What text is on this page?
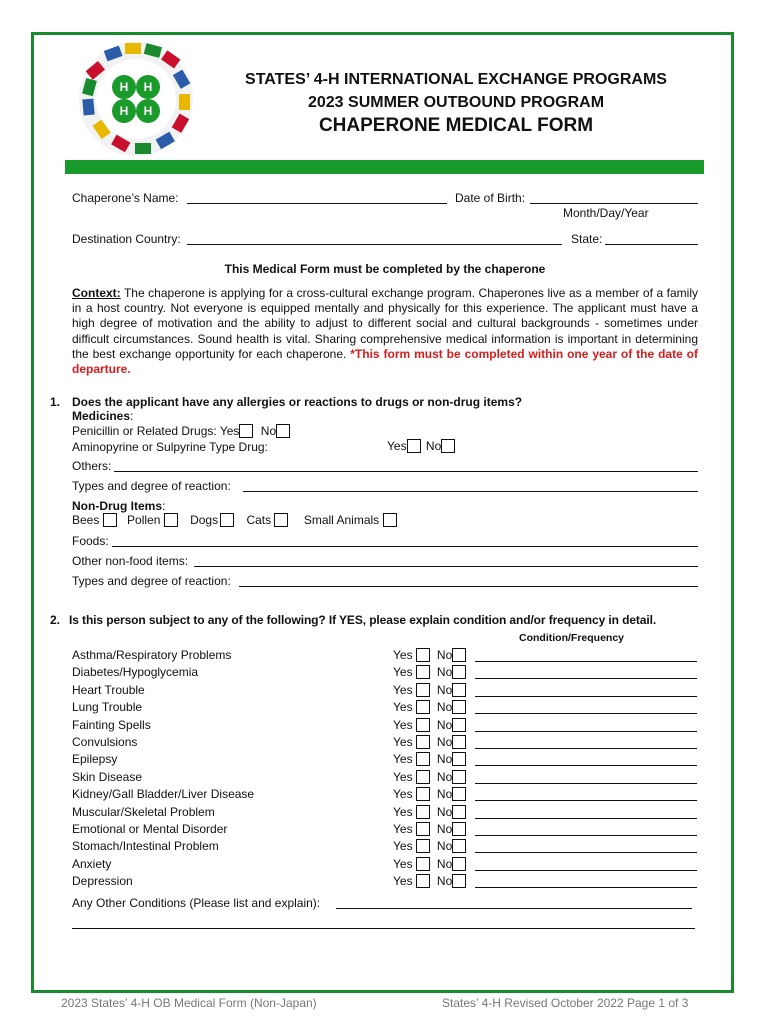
H H
H H
STATES’ 4-H INTERNATIONAL EXCHANGE PROGRAMS
2023 SUMMER OUTBOUND PROGRAM
CHAPERONE MEDICAL FORM
Chaperone’s Name:	Date of Birth:
Month/Day/Year
Destination Country:	State:
This Medical Form must be completed by the chaperone
Context: The chaperone is applying for a cross-cultural exchange program. Chaperones live as a member of a family in a host country. Not everyone is equipped mentally and physically for this experience. The applicant must have a high degree of motivation and the ability to adjust to different social and cultural backgrounds - sometimes under difficult circumstances. Sound health is vital. Sharing comprehensive medical information is important in determining the best exchange opportunity for each chaperone. *This form must be completed within one year of the date of departure.
1. Does the applicant have any allergies or reactions to drugs or non-drug items?
Medicines:
Penicillin or Related Drugs: Yes No
Aminopyrine or Sulpyrine Type Drug:	Yes No
Others:
Types and degree of reaction:
Non-Drug Items:
Bees Pollen Dogs Cats	Small Animals
Foods:
Other non-food items:
Types and degree of reaction:
2. Is this person subject to any of the following? If YES, please explain condition and/or frequency in detail.
Condition/Frequency
Asthma/Respiratory Problems	Yes No
Diabetes/Hypoglycemia	Yes No
Heart Trouble	Yes No
Lung Trouble	Yes No
Fainting Spells	Yes No
Convulsions	Yes No
Epilepsy	Yes No
Skin Disease	Yes No
Kidney/Gall Bladder/Liver Disease	Yes No
Muscular/Skeletal Problem	Yes No
Emotional or Mental Disorder	Yes No
Stomach/Intestinal Problem	Yes No
Anxiety	Yes No
Depression	Yes No
Any Other Conditions (Please list and explain):
2023 States’ 4-H OB Medical Form (Non-Japan)	States’ 4-H Revised October 2022 Page 1 of 3
